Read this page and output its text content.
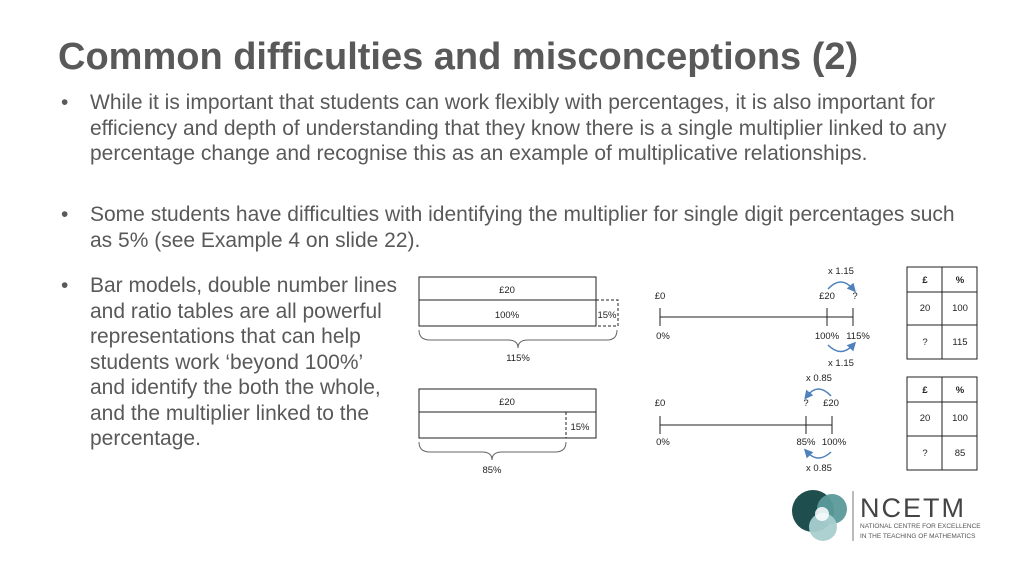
Common difficulties and misconceptions (2)
• While it is important that students can work flexibly with percentages, it is also important for efficiency and depth of understanding that they know there is a single multiplier linked to any percentage change and recognise this as an example of multiplicative relationships.
• Some students have difficulties with identifying the multiplier for single digit percentages such as 5% (see Example 4 on slide 22).
• Bar models, double number lines and ratio tables are all powerful representations that can help students work ‘beyond 100%’ and identify the both the whole, and the multiplier linked to the percentage.
£20
100%	15%
115%
£20
15%
85%
£0
0%
£20 ?
100% 115%
x 1.15
x 1.15
£0
0%
? £20
85% 100%
x 0.85
x 0.85
£	%
20 100
?	115
£	%
20 100
?	85
NCETM
NATIONAL CENTRE FOR EXCELLENCE
IN THE TEACHING OF MATHEMATICS
